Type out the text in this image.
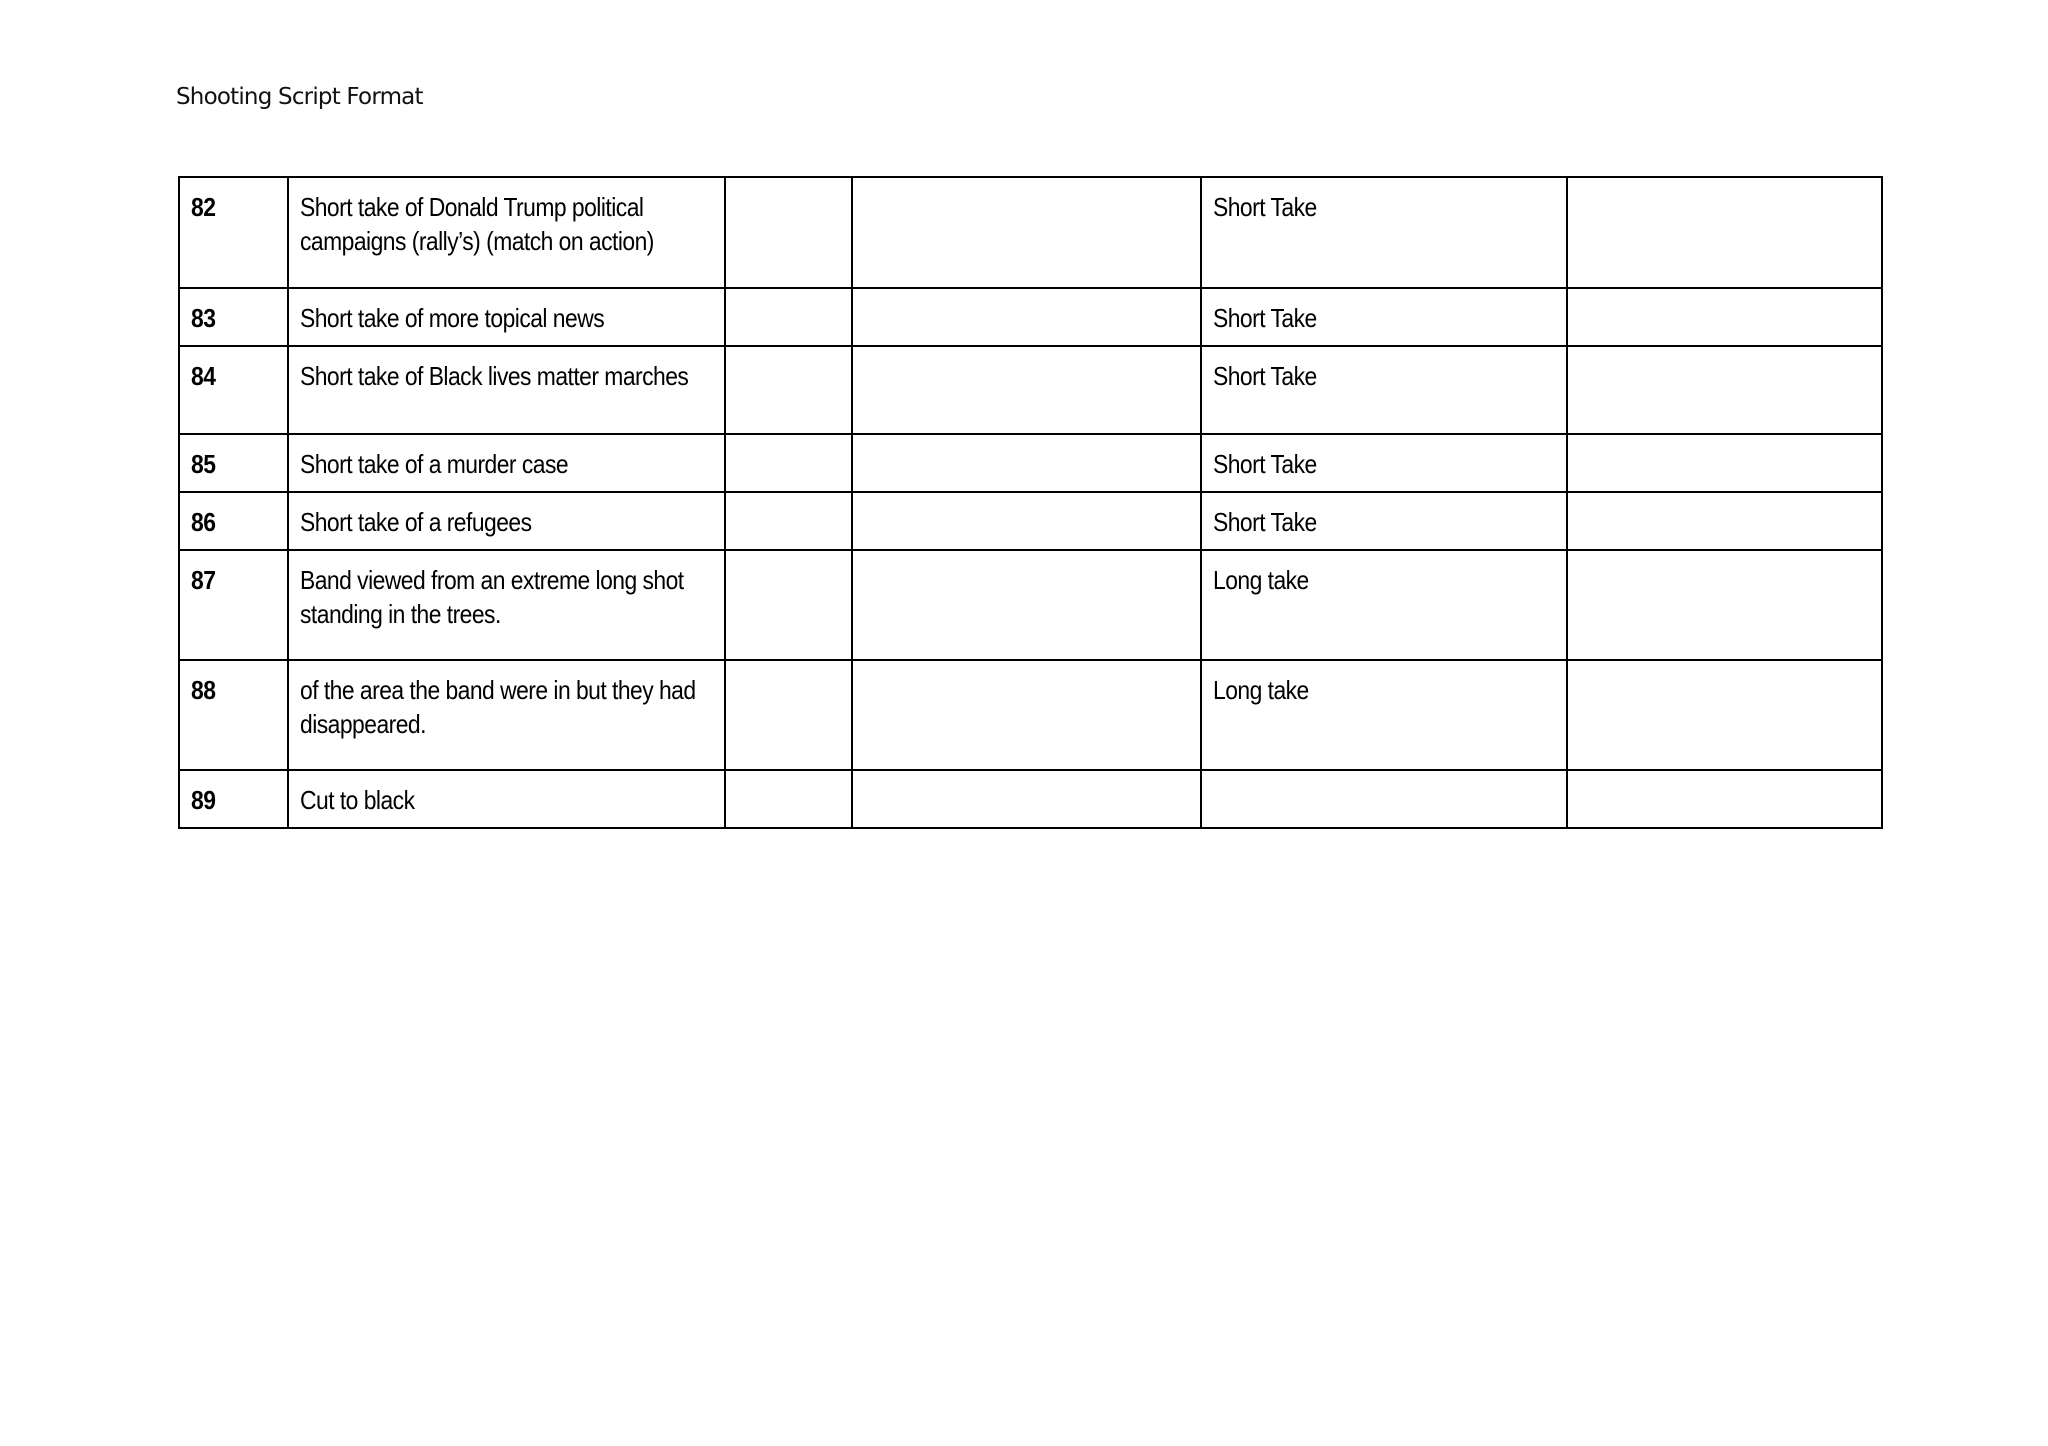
Shooting Script Format
82	Short take of Donald Trump political campaigns (rally’s) (match on action)			Short Take	
83	Short take of more topical news			Short Take	
84	Short take of Black lives matter marches			Short Take	
85	Short take of a murder case			Short Take	
86	Short take of a refugees			Short Take	
87	Band viewed from an extreme long shot standing in the trees.			Long take	
88	of the area the band were in but they had disappeared.			Long take	
89	Cut to black				
